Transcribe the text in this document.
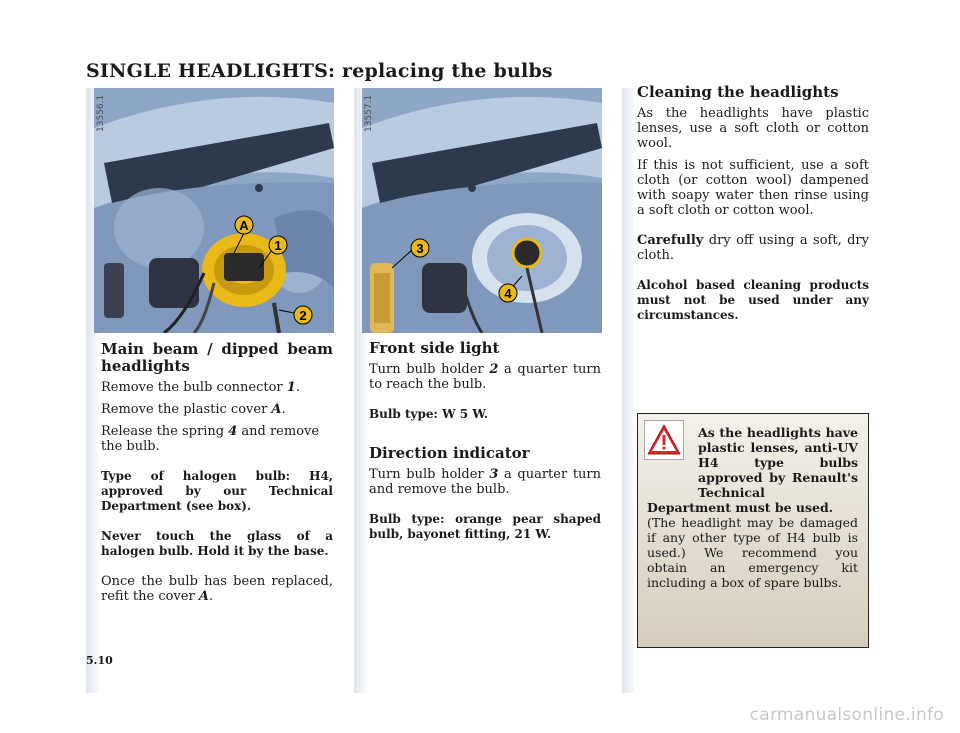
SINGLE HEADLIGHTS: replacing the bulbs
A
1
2
13556.1
3
4
13557.1
Main beam / dipped beam headlights

Remove the bulb connector 1.

Remove the plastic cover A.

Release the spring 4 and remove the bulb.

Type of halogen bulb: H4, approved by our Technical Department (see box).

Never touch the glass of a halogen bulb. Hold it by the base.

Once the bulb has been replaced, refit the cover A.

Front side light

Turn bulb holder 2 a quarter turn to reach the bulb.

Bulb type: W 5 W.

Direction indicator

Turn bulb holder 3 a quarter turn and remove the bulb.

Bulb type: orange pear shaped bulb, bayonet fitting, 21 W.

Cleaning the headlights

As the headlights have plastic lenses, use a soft cloth or cotton wool.

If this is not sufficient, use a soft cloth (or cotton wool) dampened with soapy water then rinse using a soft cloth or cotton wool.

Carefully dry off using a soft, dry cloth.

Alcohol based cleaning products must not be used under any circumstances.

As the headlights have plastic lenses, anti-UV H4 type bulbs approved by Renault's Technical
Department must be used.
(The headlight may be damaged if any other type of H4 bulb is used.) We recommend you obtain an emergency kit including a box of spare bulbs.
5.10
carmanualsonline.info
